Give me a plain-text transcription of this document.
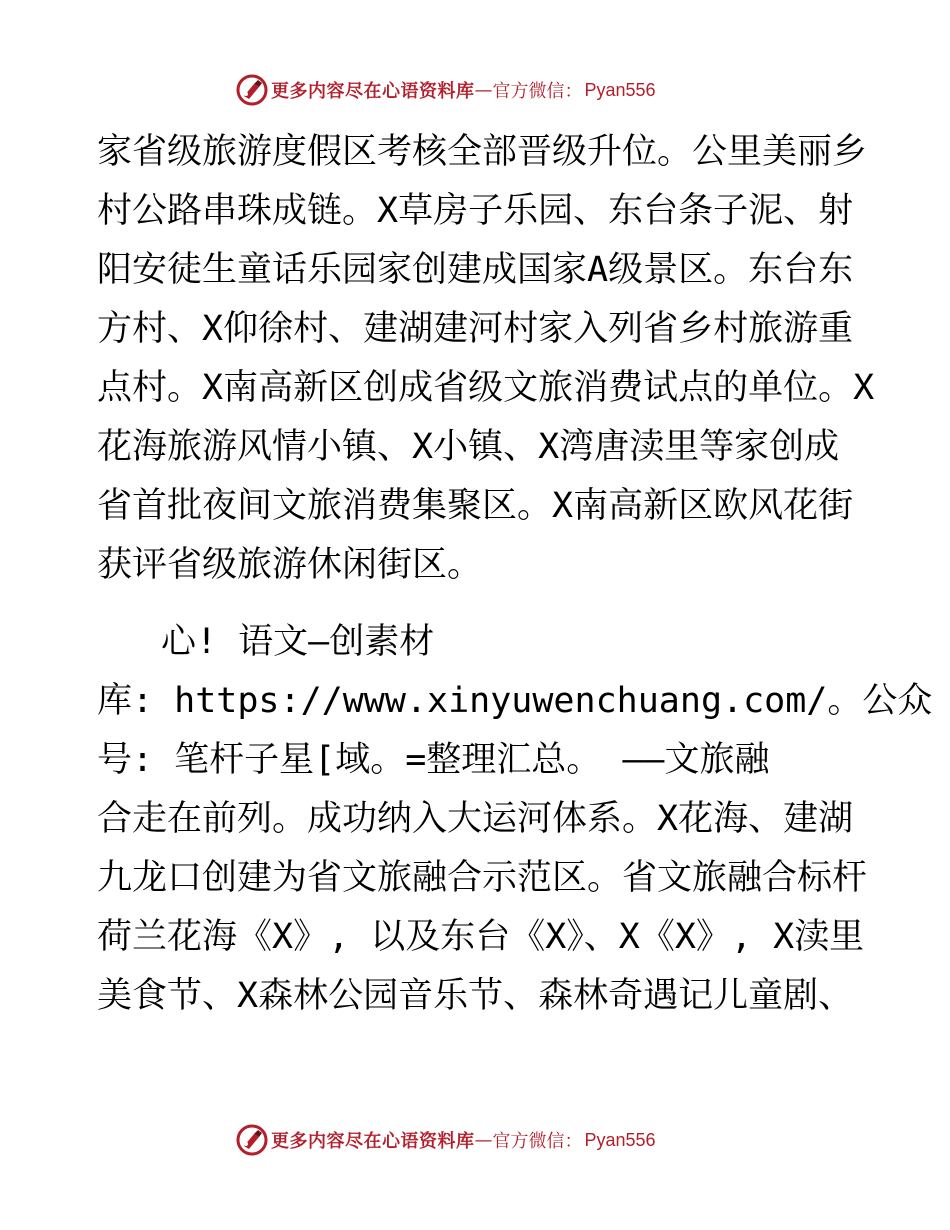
更多内容尽在心语资料库 — 官方微信： Pyan556

家省级旅游度假区考核全部晋级升位。公里美丽乡

村公路串珠成链。X草房子乐园、东台条子泥、射

阳安徒生童话乐园家创建成国家A级景区。东台东

方村、X仰徐村、建湖建河村家入列省乡村旅游重

点村。X南高新区创成省级文旅消费试点的单位。X

花海旅游风情小镇、X小镇、X湾唐渎里等家创成

省首批夜间文旅消费集聚区。X南高新区欧风花街

获评省级旅游休闲街区。

心! 语文—创素材

库: https://www.xinyuwenchuang.com/。公众

号: 笔杆子星[域。=整理汇总。 ——文旅融

合走在前列。成功纳入大运河体系。X花海、建湖

九龙口创建为省文旅融合示范区。省文旅融合标杆

荷兰花海《X》, 以及东台《X》、X《X》, X渎里

美食节、X森林公园音乐节、森林奇遇记儿童剧、

更多内容尽在心语资料库 — 官方微信： Pyan556
